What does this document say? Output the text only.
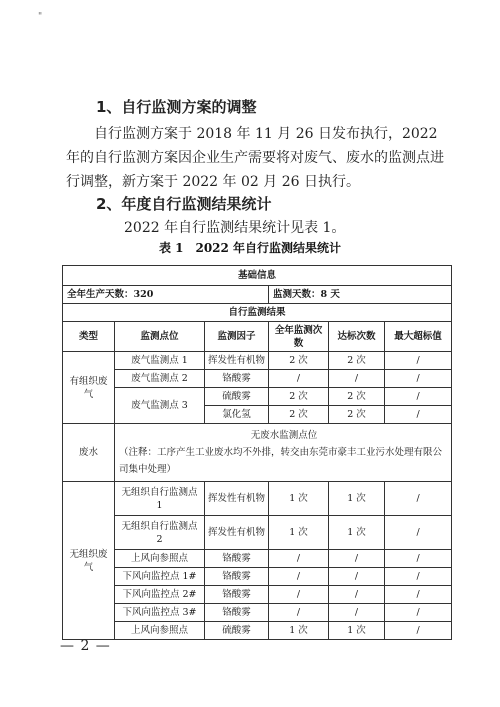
"
1、自行监测方案的调整
自行监测方案于 2018 年 11 月 26 日发布执行，2022 年的自行监测方案因企业生产需要将对废气、废水的监测点进行调整，新方案于 2022 年 02 月 26 日执行。
2、年度自行监测结果统计
2022 年自行监测结果统计见表 1。
表 1　2022 年自行监测结果统计
基础信息					
全年生产天数：320			监测天数：8 天		
自行监测结果					
类型	监测点位	监测因子	全年监测次数	达标次数	最大超标值
有组织废气	废气监测点 1	挥发性有机物	2 次	2 次	/
	废气监测点 2	铬酸雾	/	/	/
	废气监测点 3	硫酸雾	2 次	2 次	/
		氯化氢	2 次	2 次	/
废水	无废水监测点位
（注释：工序产生工业废水均不外排，转交由东莞市豪丰工业污水处理有限公司集中处理）				

无组织废气	无组织自行监测点 1	挥发性有机物	1 次	1 次	/
	无组织自行监测点 2	挥发性有机物	1 次	1 次	/
	上风向参照点	铬酸雾	/	/	/
	下风向监控点 1#	铬酸雾	/	/	/
	下风向监控点 2#	铬酸雾	/	/	/
	下风向监控点 3#	铬酸雾	/	/	/
	上风向参照点	硫酸雾	1 次	1 次	/
— 2 —
